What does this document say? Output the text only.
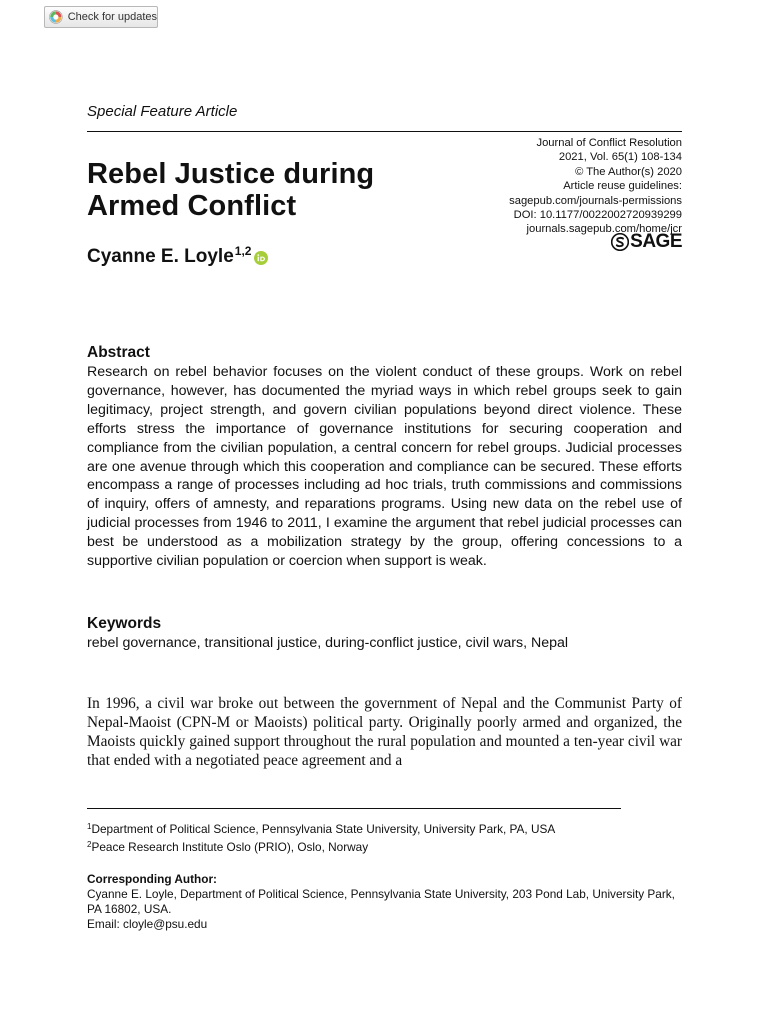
Check for updates
Special Feature Article
Journal of Conflict Resolution
2021, Vol. 65(1) 108-134
© The Author(s) 2020
Article reuse guidelines:
sagepub.com/journals-permissions
DOI: 10.1177/0022002720939299
journals.sagepub.com/home/jcr
SAGE
Rebel Justice during
Armed Conflict
Cyanne E. Loyle$^{1,2}$
Abstract
Research on rebel behavior focuses on the violent conduct of these groups. Work on rebel governance, however, has documented the myriad ways in which rebel groups seek to gain legitimacy, project strength, and govern civilian populations beyond direct violence. These efforts stress the importance of governance institutions for securing cooperation and compliance from the civilian population, a central concern for rebel groups. Judicial processes are one avenue through which this cooperation and compliance can be secured. These efforts encompass a range of processes including ad hoc trials, truth commissions and commissions of inquiry, offers of amnesty, and reparations programs. Using new data on the rebel use of judicial processes from 1946 to 2011, I examine the argument that rebel judicial processes can best be understood as a mobilization strategy by the group, offering concessions to a supportive civilian population or coercion when support is weak.
Keywords
rebel governance, transitional justice, during-conflict justice, civil wars, Nepal
In 1996, a civil war broke out between the government of Nepal and the Communist Party of Nepal-Maoist (CPN-M or Maoists) political party. Originally poorly armed and organized, the Maoists quickly gained support throughout the rural population and mounted a ten-year civil war that ended with a negotiated peace agreement and a
$^1$Department of Political Science, Pennsylvania State University, University Park, PA, USA
$^2$Peace Research Institute Oslo (PRIO), Oslo, Norway
Corresponding Author:
Cyanne E. Loyle, Department of Political Science, Pennsylvania State University, 203 Pond Lab, University Park, PA 16802, USA.
Email: cloyle@psu.edu
